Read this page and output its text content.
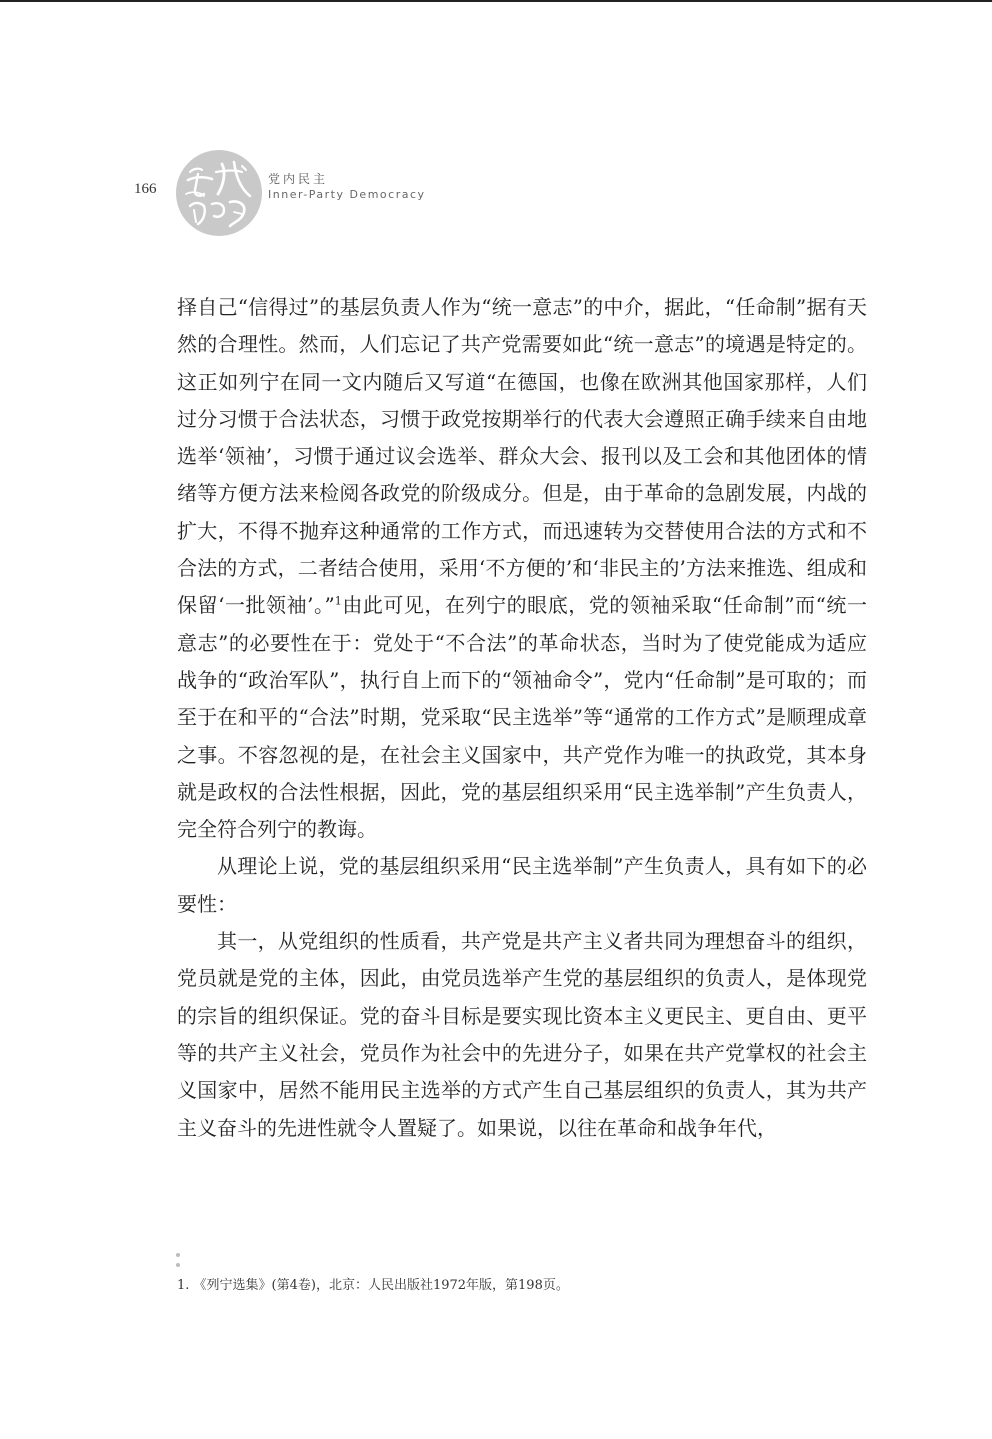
166
党内民主
Inner-Party Democracy

择自己“信得过”的基层负责人作为“统一意志”的中介，据此，“任命制”据有天然的合理性。然而，人们忘记了共产党需要如此“统一意志”的境遇是特定的。这正如列宁在同一文内随后又写道“在德国，也像在欧洲其他国家那样，人们过分习惯于合法状态，习惯于政党按期举行的代表大会遵照正确手续来自由地选举‘领袖’，习惯于通过议会选举、群众大会、报刊以及工会和其他团体的情绪等方便方法来检阅各政党的阶级成分。但是，由于革命的急剧发展，内战的扩大，不得不抛弃这种通常的工作方式，而迅速转为交替使用合法的方式和不合法的方式，二者结合使用，采用‘不方便的’和‘非民主的’方法来推选、组成和保留‘一批领袖’。”$^1$由此可见，在列宁的眼底，党的领袖采取“任命制”而“统一意志”的必要性在于：党处于“不合法”的革命状态，当时为了使党能成为适应战争的“政治军队”，执行自上而下的“领袖命令”，党内“任命制”是可取的；而至于在和平的“合法”时期，党采取“民主选举”等“通常的工作方式”是顺理成章之事。不容忽视的是，在社会主义国家中，共产党作为唯一的执政党，其本身就是政权的合法性根据，因此，党的基层组织采用“民主选举制”产生负责人，完全符合列宁的教诲。

从理论上说，党的基层组织采用“民主选举制”产生负责人，具有如下的必要性：

其一，从党组织的性质看，共产党是共产主义者共同为理想奋斗的组织，党员就是党的主体，因此，由党员选举产生党的基层组织的负责人，是体现党的宗旨的组织保证。党的奋斗目标是要实现比资本主义更民主、更自由、更平等的共产主义社会，党员作为社会中的先进分子，如果在共产党掌权的社会主义国家中，居然不能用民主选举的方式产生自己基层组织的负责人，其为共产主义奋斗的先进性就令人置疑了。如果说，以往在革命和战争年代，

1. 《列宁选集》(第4卷)，北京：人民出版社1972年版，第198页。
